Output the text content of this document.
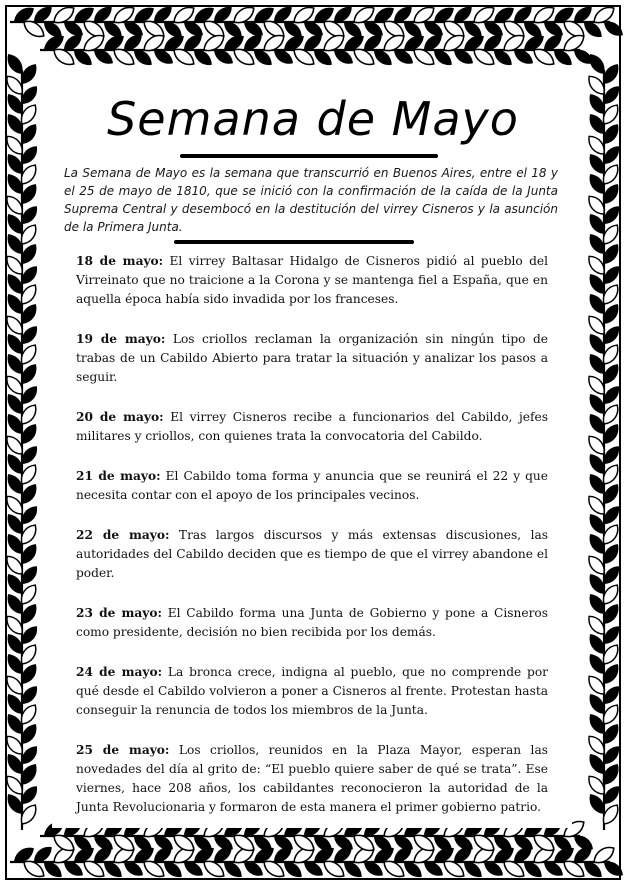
Semana de Mayo
La Semana de Mayo es la semana que transcurrió en Buenos Aires, entre el 18 y el 25 de mayo de 1810, que se inició con la confirmación de la caída de la Junta Suprema Central y desembocó en la destitución del virrey Cisneros y la asunción de la Primera Junta.

18 de mayo: El virrey Baltasar Hidalgo de Cisneros pidió al pueblo del Virreinato que no traicione a la Corona y se mantenga fiel a España, que en aquella época había sido invadida por los franceses.

19 de mayo: Los criollos reclaman la organización sin ningún tipo de trabas de un Cabildo Abierto para tratar la situación y analizar los pasos a seguir.

20 de mayo: El virrey Cisneros recibe a funcionarios del Cabildo, jefes militares y criollos, con quienes trata la convocatoria del Cabildo.

21 de mayo: El Cabildo toma forma y anuncia que se reunirá el 22 y que necesita contar con el apoyo de los principales vecinos.

22 de mayo: Tras largos discursos y más extensas discusiones, las autoridades del Cabildo deciden que es tiempo de que el virrey abandone el poder.

23 de mayo: El Cabildo forma una Junta de Gobierno y pone a Cisneros como presidente, decisión no bien recibida por los demás.

24 de mayo: La bronca crece, indigna al pueblo, que no comprende por qué desde el Cabildo volvieron a poner a Cisneros al frente. Protestan hasta conseguir la renuncia de todos los miembros de la Junta.

25 de mayo: Los criollos, reunidos en la Plaza Mayor, esperan las novedades del día al grito de: “El pueblo quiere saber de qué se trata”. Ese viernes, hace 208 años, los cabildantes reconocieron la autoridad de la Junta Revolucionaria y formaron de esta manera el primer gobierno patrio.
